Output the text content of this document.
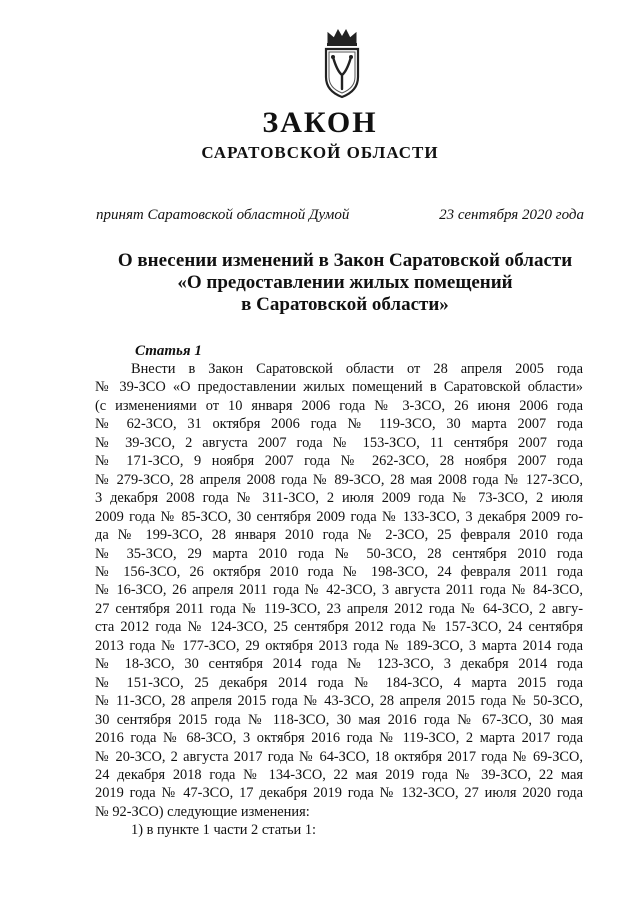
ЗАКОН
САРАТОВСКОЙ ОБЛАСТИ
принят Саратовской областной Думой	23 сентября 2020 года
О внесении изменений в Закон Саратовской области
«О предоставлении жилых помещений
в Саратовской области»
Статья 1
Внести в Закон Саратовской области от 28 апреля 2005 года
№ 39-ЗСО «О предоставлении жилых помещений в Саратовской области»
(с изменениями от 10 января 2006 года № 3-ЗСО, 26 июня 2006 года
№ 62-ЗСО, 31 октября 2006 года № 119-ЗСО, 30 марта 2007 года
№ 39-ЗСО, 2 августа 2007 года № 153-ЗСО, 11 сентября 2007 года
№ 171-ЗСО, 9 ноября 2007 года № 262-ЗСО, 28 ноября 2007 года
№ 279-ЗСО, 28 апреля 2008 года № 89-ЗСО, 28 мая 2008 года № 127-ЗСО,
3 декабря 2008 года № 311-ЗСО, 2 июля 2009 года № 73-ЗСО, 2 июля
2009 года № 85-ЗСО, 30 сентября 2009 года № 133-ЗСО, 3 декабря 2009 го-
да № 199-ЗСО, 28 января 2010 года № 2-ЗСО, 25 февраля 2010 года
№ 35-ЗСО, 29 марта 2010 года № 50-ЗСО, 28 сентября 2010 года
№ 156-ЗСО, 26 октября 2010 года № 198-ЗСО, 24 февраля 2011 года
№ 16-ЗСО, 26 апреля 2011 года № 42-ЗСО, 3 августа 2011 года № 84-ЗСО,
27 сентября 2011 года № 119-ЗСО, 23 апреля 2012 года № 64-ЗСО, 2 авгу-
ста 2012 года № 124-ЗСО, 25 сентября 2012 года № 157-ЗСО, 24 сентября
2013 года № 177-ЗСО, 29 октября 2013 года № 189-ЗСО, 3 марта 2014 года
№ 18-ЗСО, 30 сентября 2014 года № 123-ЗСО, 3 декабря 2014 года
№ 151-ЗСО, 25 декабря 2014 года № 184-ЗСО, 4 марта 2015 года
№ 11-ЗСО, 28 апреля 2015 года № 43-ЗСО, 28 апреля 2015 года № 50-ЗСО,
30 сентября 2015 года № 118-ЗСО, 30 мая 2016 года № 67-ЗСО, 30 мая
2016 года № 68-ЗСО, 3 октября 2016 года № 119-ЗСО, 2 марта 2017 года
№ 20-ЗСО, 2 августа 2017 года № 64-ЗСО, 18 октября 2017 года № 69-ЗСО,
24 декабря 2018 года № 134-ЗСО, 22 мая 2019 года № 39-ЗСО, 22 мая
2019 года № 47-ЗСО, 17 декабря 2019 года № 132-ЗСО, 27 июля 2020 года
№ 92-ЗСО) следующие изменения:
1) в пункте 1 части 2 статьи 1:
